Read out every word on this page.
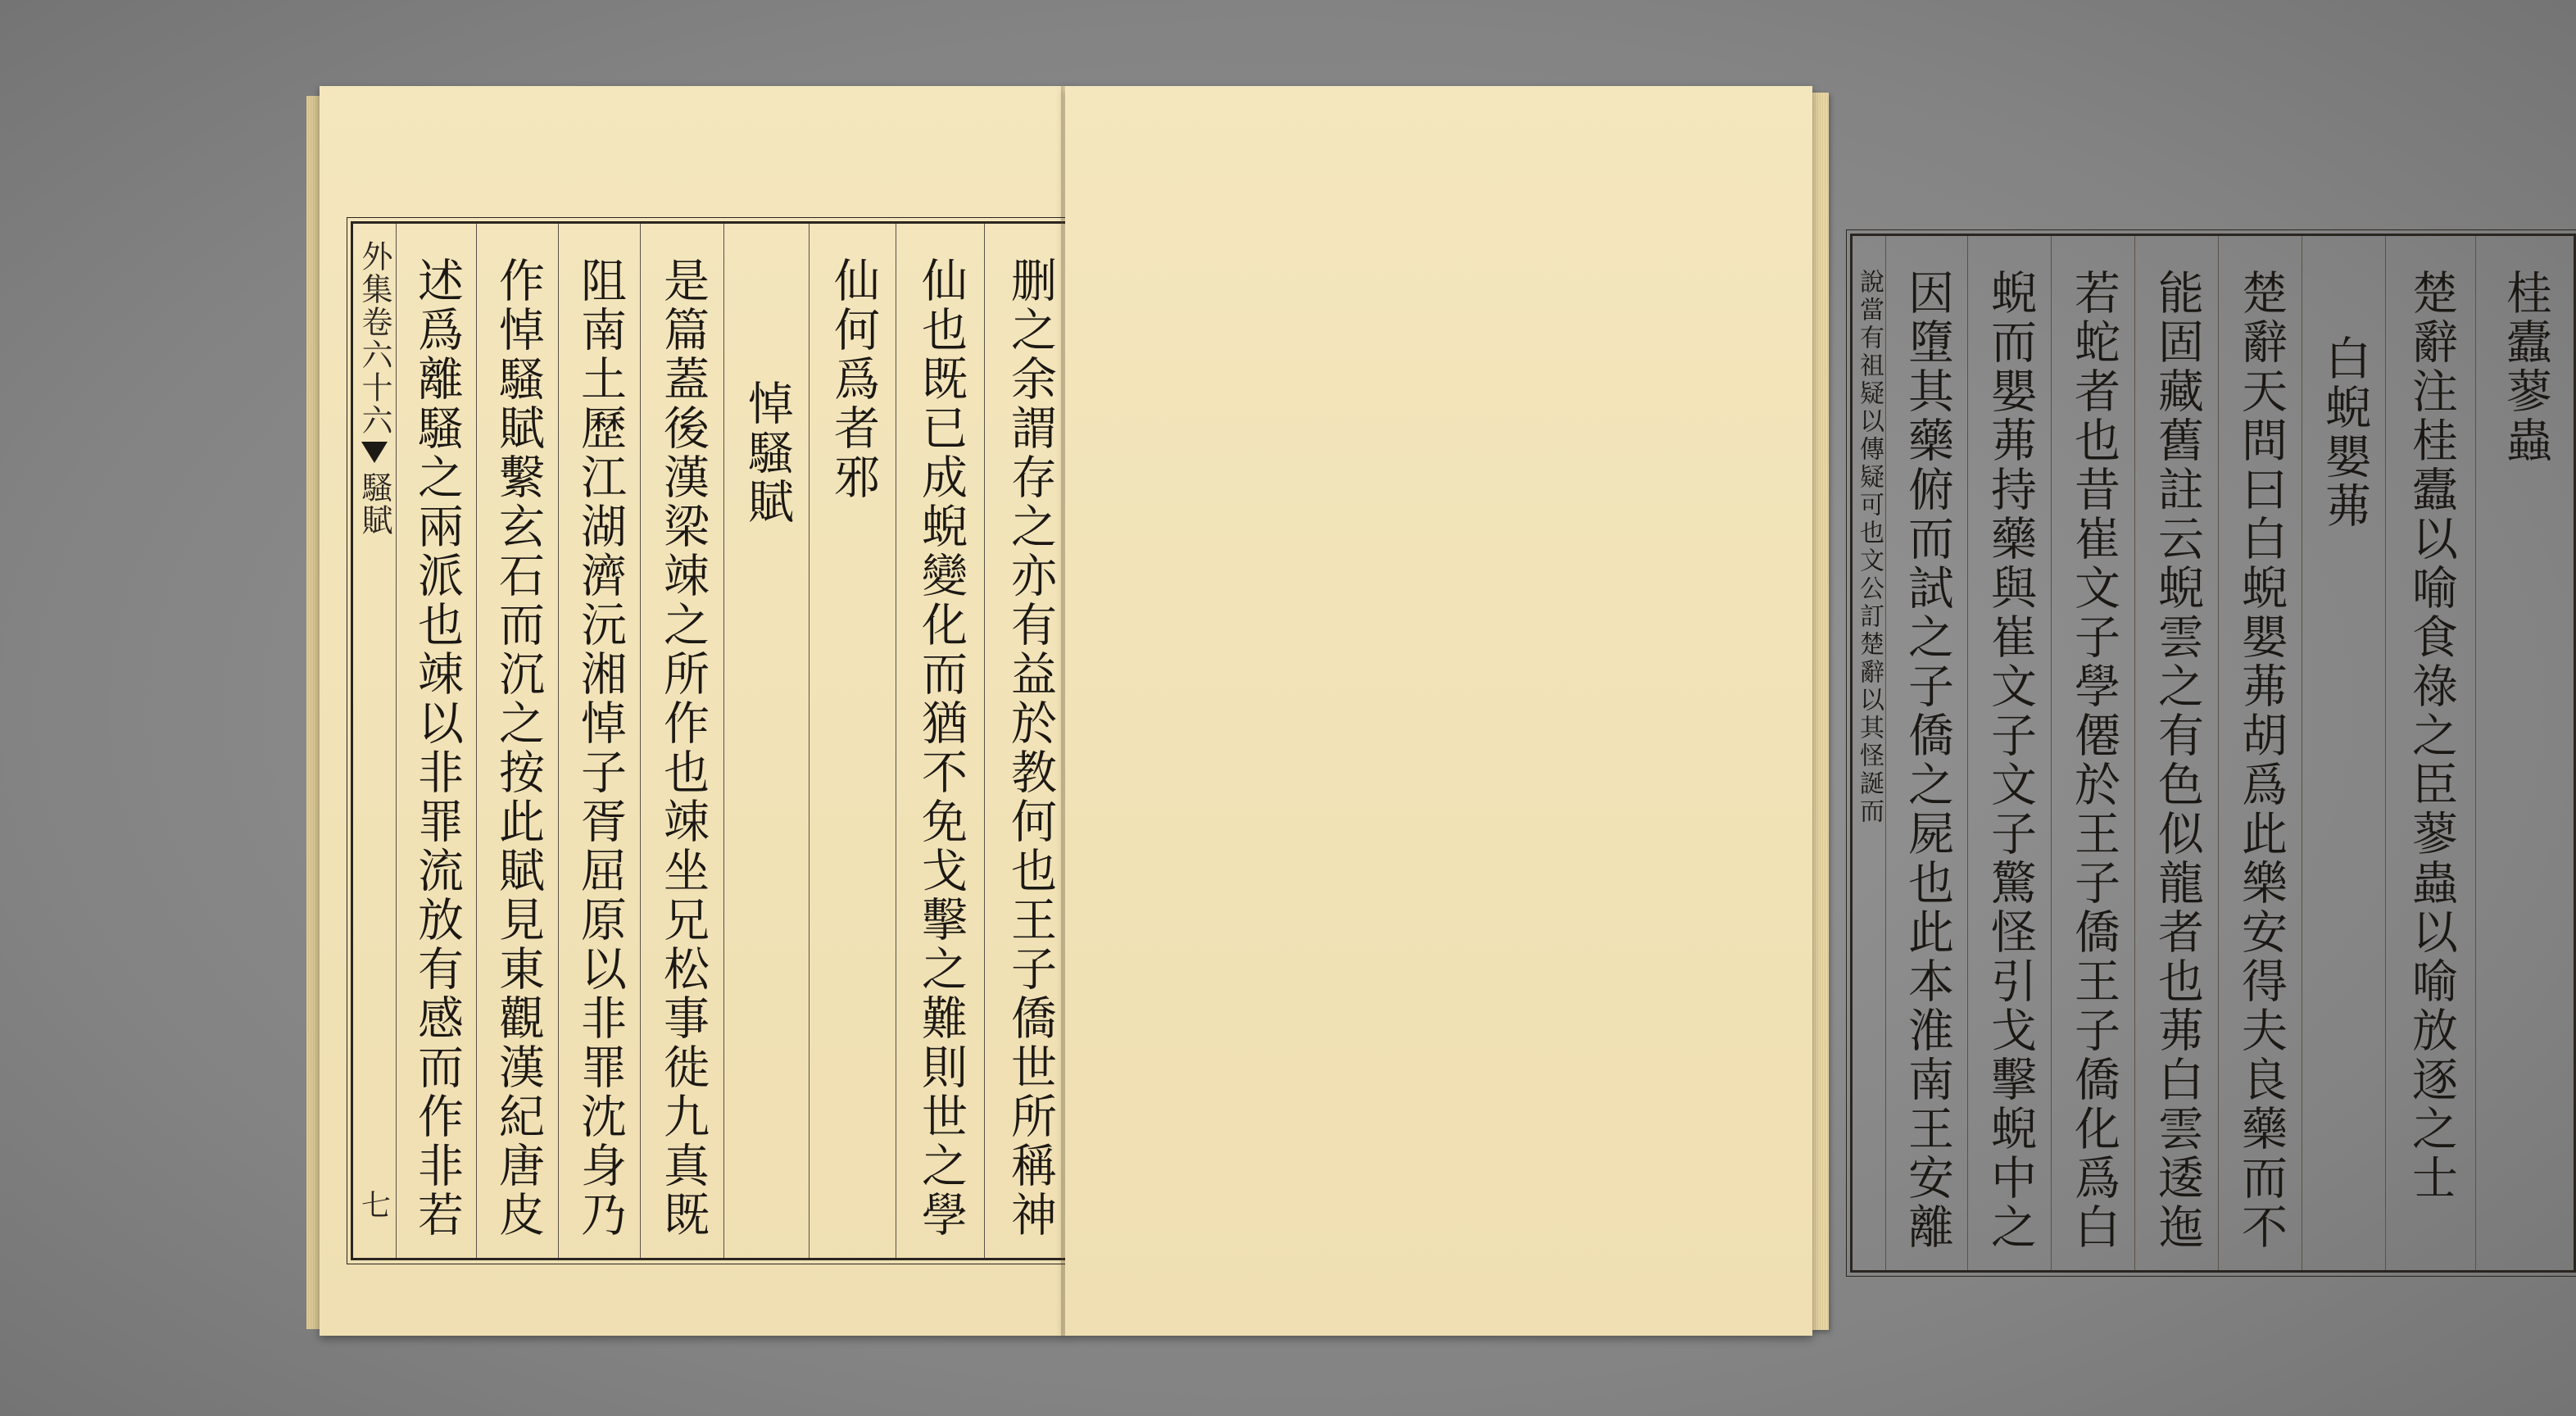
删之余謂存之亦有益於教何也王子僑世所稱神
仙也既已成蜺變化而猶不免戈擊之難則世之學
仙何爲者邪
悼騷賦
是篇蓋後漢梁竦之所作也竦坐兄松事徙九真既
阻南土歷江湖濟沅湘悼子胥屈原以非罪沈身乃
作悼騷賦繫玄石而沉之按此賦見東觀漢紀唐皮
述爲離騷之兩派也竦以非罪流放有感而作非若
外集卷六十六
騷賦
七
桂蠹蓼蟲
楚辭注桂蠹以喻食祿之臣蓼蟲以喻放逐之士
白蜺嬰茀
楚辭天問曰白蜺嬰茀胡爲此樂安得夫良藥而不
能固藏舊註云蜺雲之有色似龍者也茀白雲逶迤
若蛇者也昔崔文子學僊於王子僑王子僑化爲白
蜺而嬰茀持藥與崔文子文子驚怪引戈擊蜺中之
因墮其藥俯而試之子僑之屍也此本淮南王安離
說當有祖疑以傳疑可也文公訂楚辭以其怪誕而
